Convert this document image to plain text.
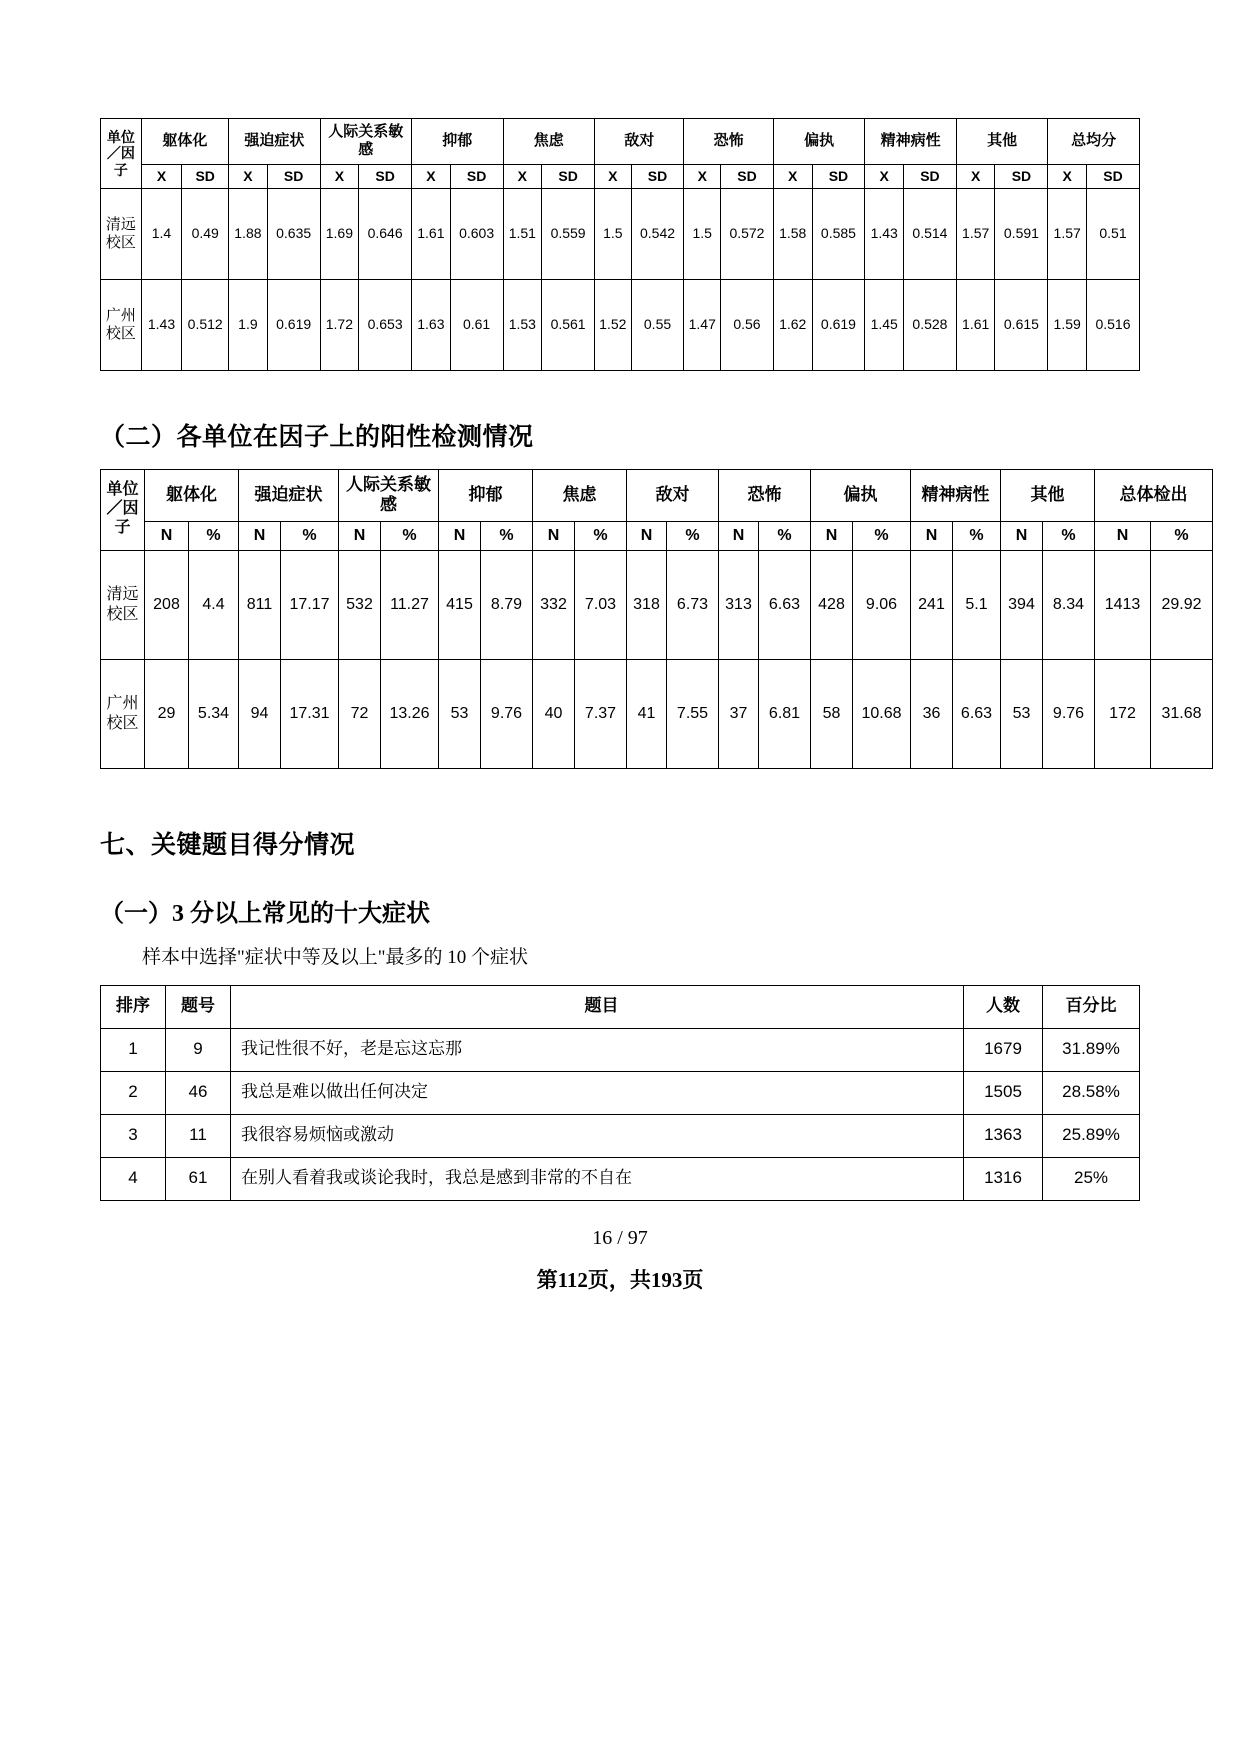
单位／因子	躯体化		强迫症状		人际关系敏感		抑郁		焦虑		敌对		恐怖		偏执		精神病性		其他		总均分	
	X	SD	X	SD	X	SD	X	SD	X	SD	X	SD	X	SD	X	SD	X	SD	X	SD	X	SD
清远校区	1.4	0.49	1.88	0.635	1.69	0.646	1.61	0.603	1.51	0.559	1.5	0.542	1.5	0.572	1.58	0.585	1.43	0.514	1.57	0.591	1.57	0.51
广州校区	1.43	0.512	1.9	0.619	1.72	0.653	1.63	0.61	1.53	0.561	1.52	0.55	1.47	0.56	1.62	0.619	1.45	0.528	1.61	0.615	1.59	0.516
（二）各单位在因子上的阳性检测情况
单位／因子	躯体化		强迫症状		人际关系敏感		抑郁		焦虑		敌对		恐怖		偏执		精神病性		其他		总体检出	
	N	%	N	%	N	%	N	%	N	%	N	%	N	%	N	%	N	%	N	%	N	%
清远校区	208	4.4	811	17.17	532	11.27	415	8.79	332	7.03	318	6.73	313	6.63	428	9.06	241	5.1	394	8.34	1413	29.92
广州校区	29	5.34	94	17.31	72	13.26	53	9.76	40	7.37	41	7.55	37	6.81	58	10.68	36	6.63	53	9.76	172	31.68
七、关键题目得分情况
（一）3 分以上常见的十大症状
样本中选择"症状中等及以上"最多的 10 个症状
排序	题号	题目	人数	百分比
1	9	我记性很不好，老是忘这忘那	1679	31.89%
2	46	我总是难以做出任何决定	1505	28.58%
3	11	我很容易烦恼或激动	1363	25.89%
4	61	在别人看着我或谈论我时，我总是感到非常的不自在	1316	25%
16 / 97
第112页，共193页
